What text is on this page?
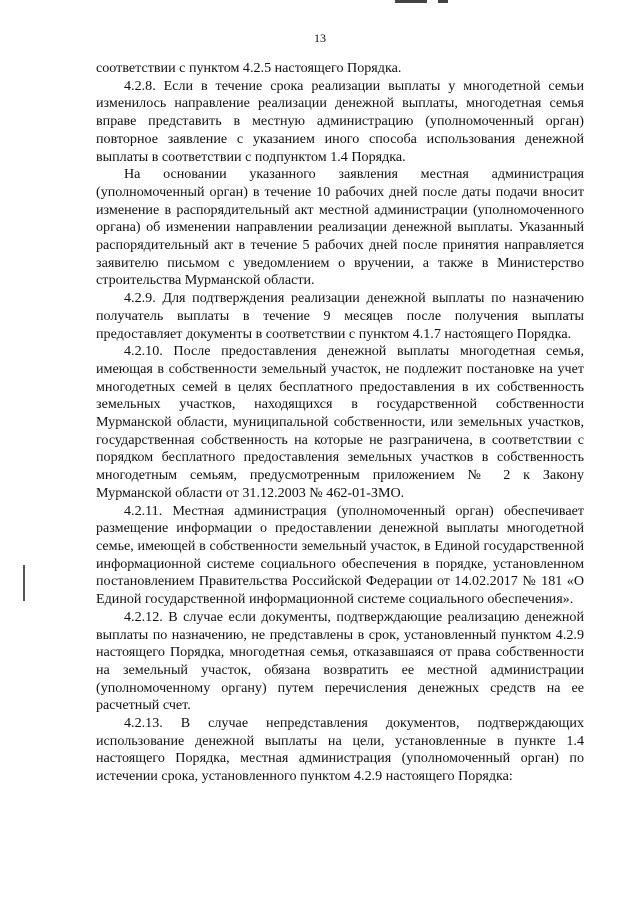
13

соответствии с пунктом 4.2.5 настоящего Порядка.

4.2.8. Если в течение срока реализации выплаты у многодетной семьи изменилось направление реализации денежной выплаты, многодетная семья вправе представить в местную администрацию (уполномоченный орган) повторное заявление с указанием иного способа использования денежной выплаты в соответствии с подпунктом 1.4 Порядка.

На основании указанного заявления местная администрация (уполномоченный орган) в течение 10 рабочих дней после даты подачи вносит изменение в распорядительный акт местной администрации (уполномоченного органа) об изменении направлении реализации денежной выплаты. Указанный распорядительный акт в течение 5 рабочих дней после принятия направляется заявителю письмом с уведомлением о вручении, а также в Министерство строительства Мурманской области.

4.2.9. Для подтверждения реализации денежной выплаты по назначению получатель выплаты в течение 9 месяцев после получения выплаты предоставляет документы в соответствии с пунктом 4.1.7 настоящего Порядка.

4.2.10. После предоставления денежной выплаты многодетная семья, имеющая в собственности земельный участок, не подлежит постановке на учет многодетных семей в целях бесплатного предоставления в их собственность земельных участков, находящихся в государственной собственности Мурманской области, муниципальной собственности, или земельных участков, государственная собственность на которые не разграничена, в соответствии с порядком бесплатного предоставления земельных участков в собственность многодетным семьям, предусмотренным приложением № 2 к Закону Мурманской области от 31.12.2003 № 462-01-ЗМО.

4.2.11. Местная администрация (уполномоченный орган) обеспечивает размещение информации о предоставлении денежной выплаты многодетной семье, имеющей в собственности земельный участок, в Единой государственной информационной системе социального обеспечения в порядке, установленном постановлением Правительства Российской Федерации от 14.02.2017 № 181 «О Единой государственной информационной системе социального обеспечения».

4.2.12. В случае если документы, подтверждающие реализацию денежной выплаты по назначению, не представлены в срок, установленный пунктом 4.2.9 настоящего Порядка, многодетная семья, отказавшаяся от права собственности на земельный участок, обязана возвратить ее местной администрации (уполномоченному органу) путем перечисления денежных средств на ее расчетный счет.

4.2.13. В случае непредставления документов, подтверждающих использование денежной выплаты на цели, установленные в пункте 1.4 настоящего Порядка, местная администрация (уполномоченный орган) по истечении срока, установленного пунктом 4.2.9 настоящего Порядка:
